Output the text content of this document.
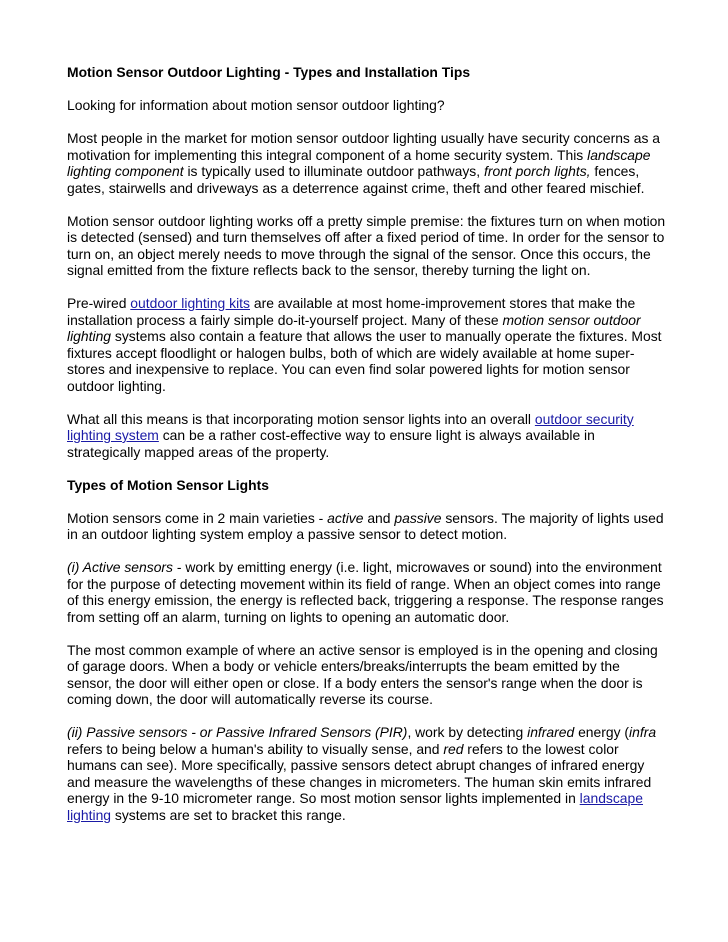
Motion Sensor Outdoor Lighting - Types and Installation Tips

Looking for information about motion sensor outdoor lighting?

Most people in the market for motion sensor outdoor lighting usually have security concerns as a motivation for implementing this integral component of a home security system. This landscape lighting component is typically used to illuminate outdoor pathways, front porch lights, fences, gates, stairwells and driveways as a deterrence against crime, theft and other feared mischief.

Motion sensor outdoor lighting works off a pretty simple premise: the fixtures turn on when motion is detected (sensed) and turn themselves off after a fixed period of time. In order for the sensor to turn on, an object merely needs to move through the signal of the sensor. Once this occurs, the signal emitted from the fixture reflects back to the sensor, thereby turning the light on.

Pre-wired outdoor lighting kits are available at most home-improvement stores that make the installation process a fairly simple do-it-yourself project. Many of these motion sensor outdoor lighting systems also contain a feature that allows the user to manually operate the fixtures. Most fixtures accept floodlight or halogen bulbs, both of which are widely available at home super-stores and inexpensive to replace. You can even find solar powered lights for motion sensor outdoor lighting.

What all this means is that incorporating motion sensor lights into an overall outdoor security lighting system can be a rather cost-effective way to ensure light is always available in strategically mapped areas of the property.

Types of Motion Sensor Lights

Motion sensors come in 2 main varieties - active and passive sensors. The majority of lights used in an outdoor lighting system employ a passive sensor to detect motion.

(i) Active sensors - work by emitting energy (i.e. light, microwaves or sound) into the environment for the purpose of detecting movement within its field of range. When an object comes into range of this energy emission, the energy is reflected back, triggering a response. The response ranges from setting off an alarm, turning on lights to opening an automatic door.

The most common example of where an active sensor is employed is in the opening and closing of garage doors. When a body or vehicle enters/breaks/interrupts the beam emitted by the sensor, the door will either open or close. If a body enters the sensor's range when the door is coming down, the door will automatically reverse its course.

(ii) Passive sensors - or Passive Infrared Sensors (PIR), work by detecting infrared energy (infra refers to being below a human's ability to visually sense, and red refers to the lowest color humans can see). More specifically, passive sensors detect abrupt changes of infrared energy and measure the wavelengths of these changes in micrometers. The human skin emits infrared energy in the 9-10 micrometer range. So most motion sensor lights implemented in landscape lighting systems are set to bracket this range.
